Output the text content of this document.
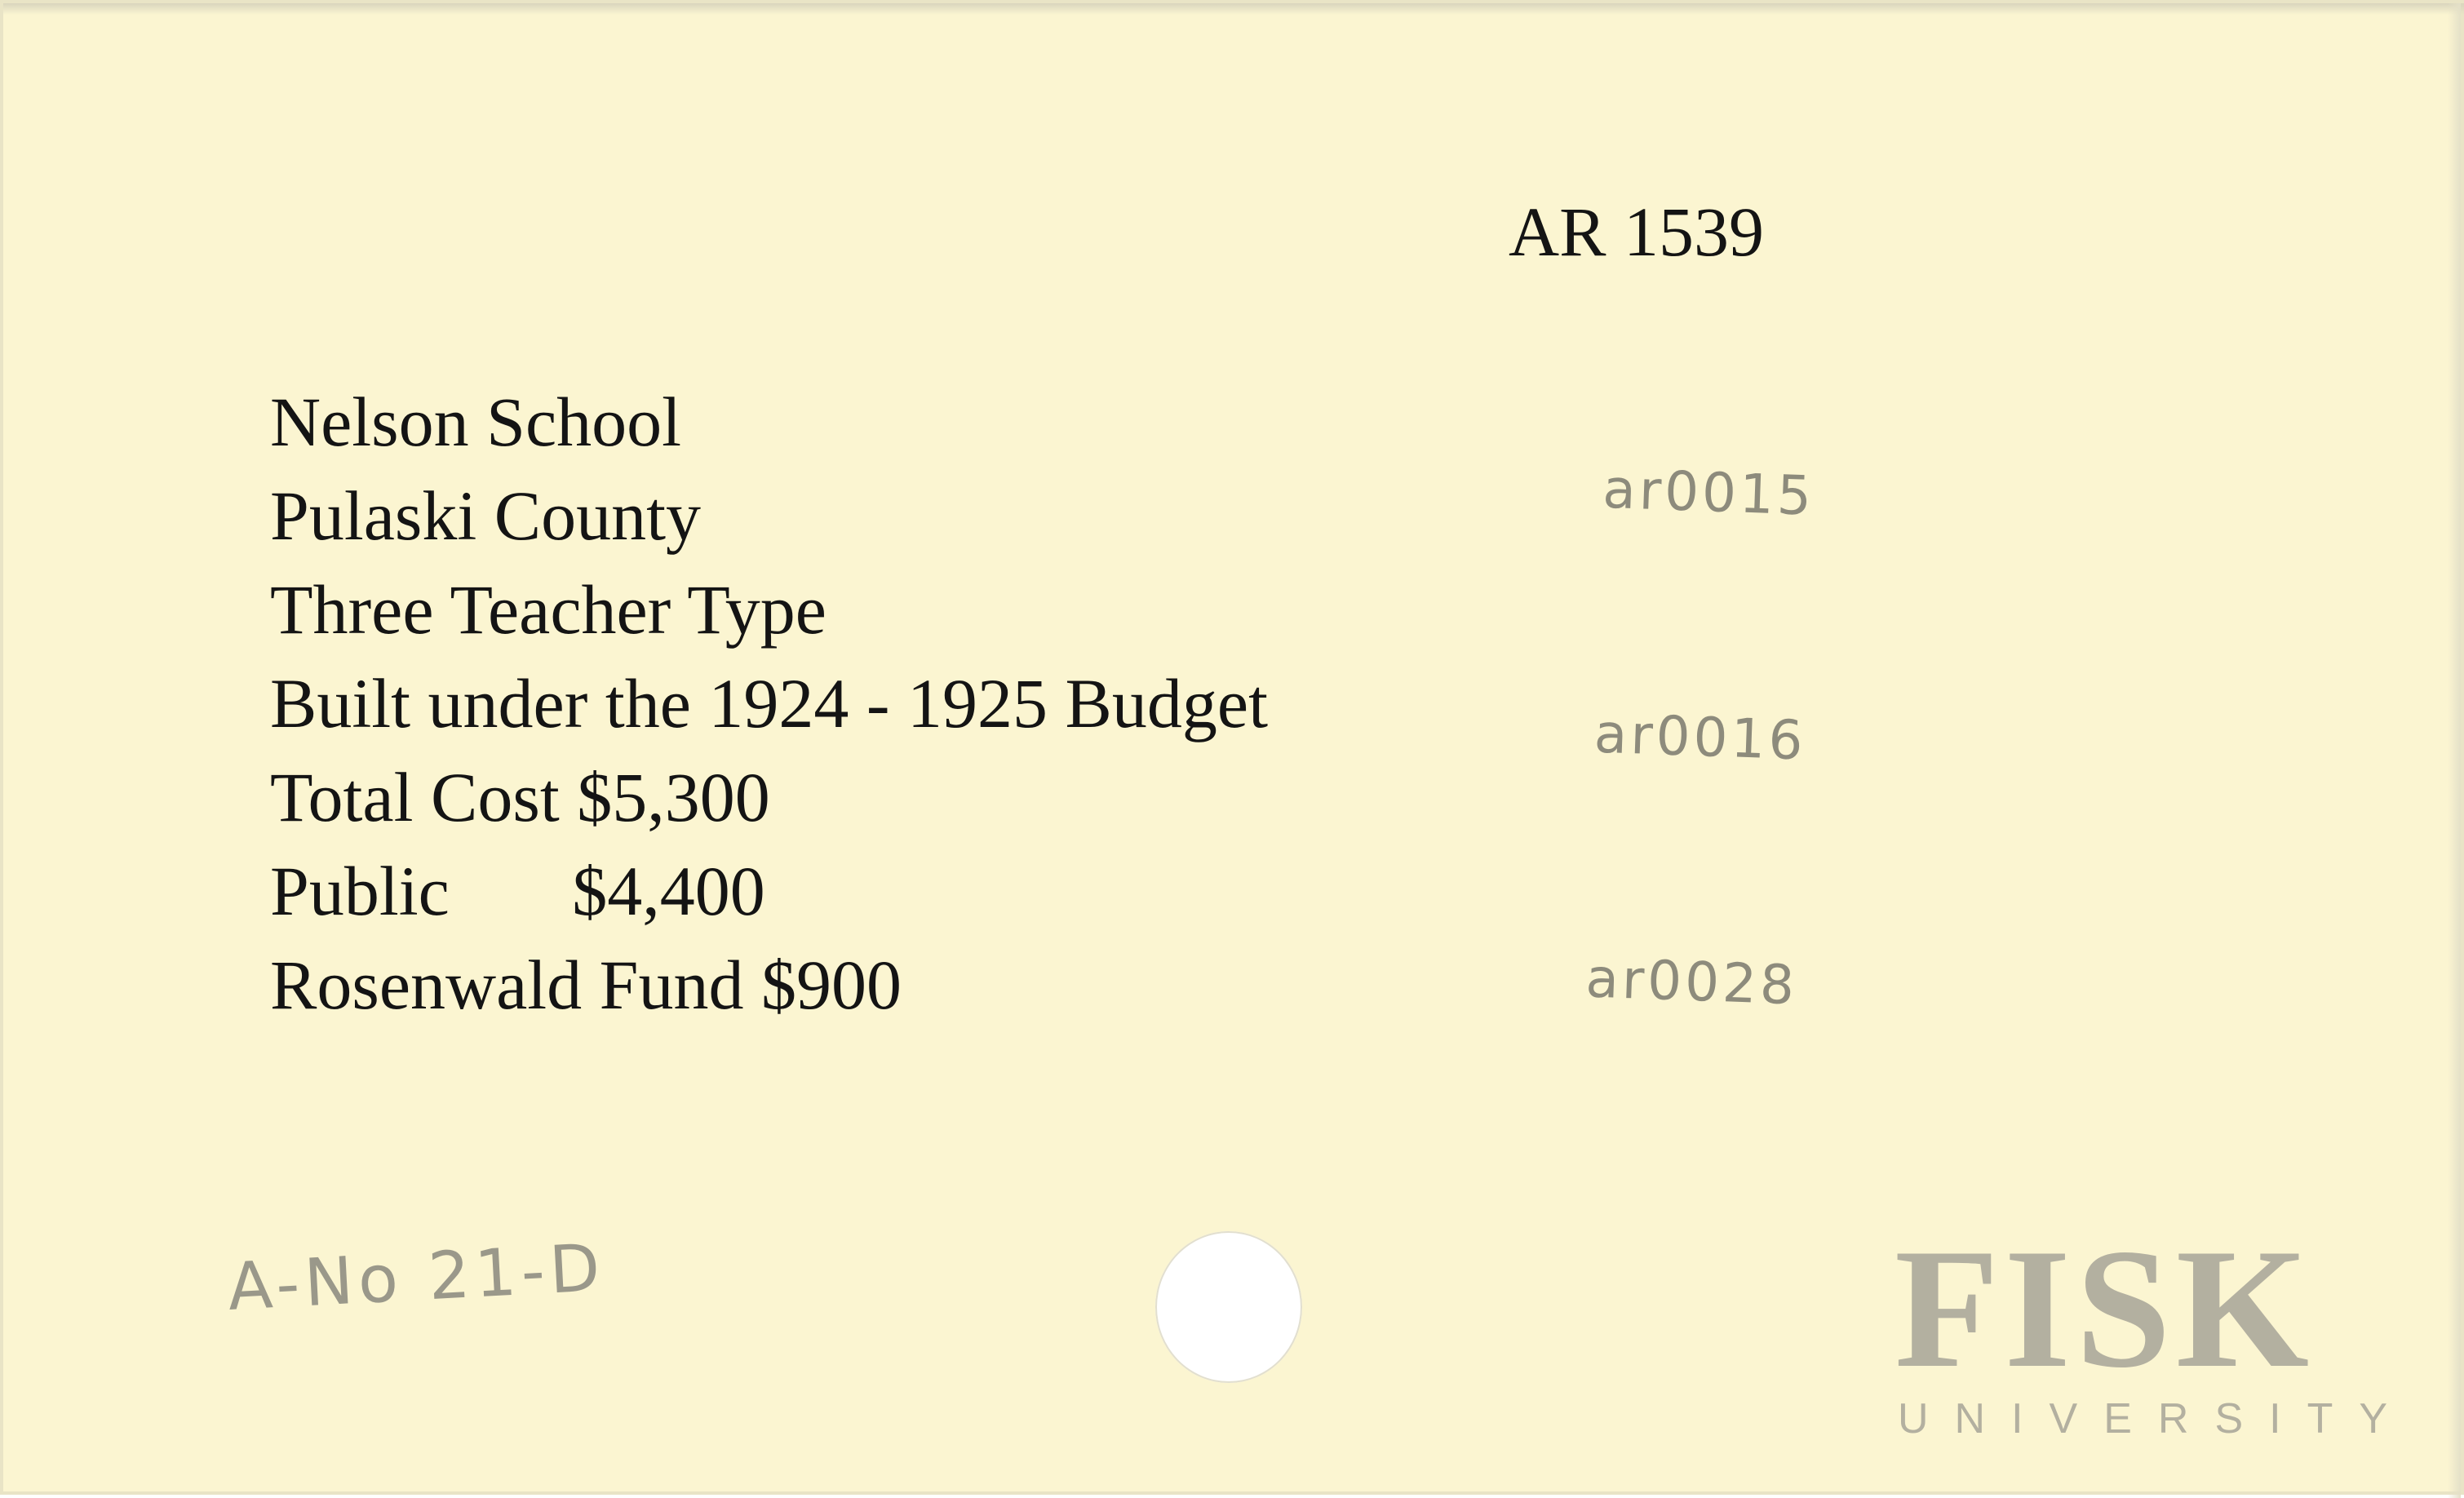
AR 1539

ar0015

ar0016

ar0028

Nelson School
Pulaski County
Three Teacher Type
Built under the 1924 - 1925 Budget
Total Cost $5,300
Public       $4,400
Rosenwald Fund $900
A-No 21-D	FISK
UNIVERSITY
